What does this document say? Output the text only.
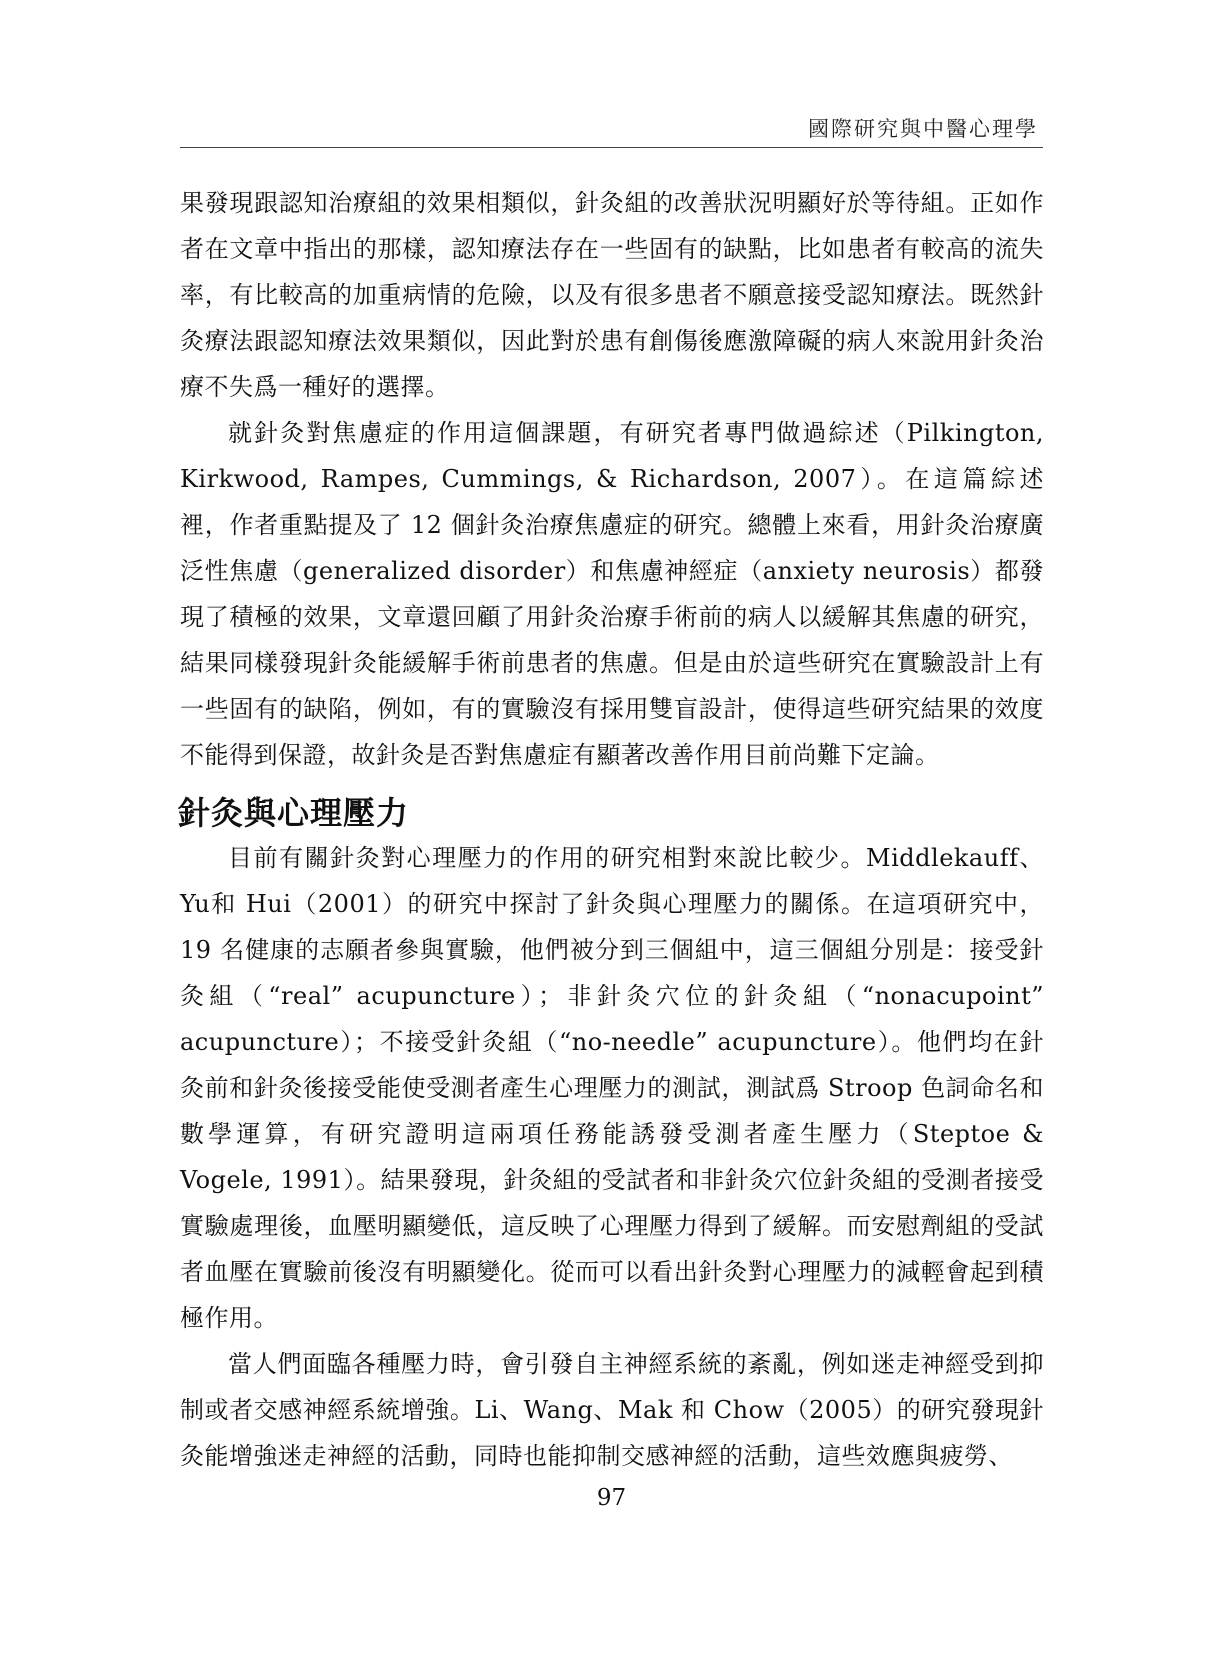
國際研究與中醫心理學

果發現跟認知治療組的效果相類似，針灸組的改善狀況明顯好於等待組。正如作者在文章中指出的那樣，認知療法存在一些固有的缺點，比如患者有較高的流失率，有比較高的加重病情的危險，以及有很多患者不願意接受認知療法。既然針灸療法跟認知療法效果類似，因此對於患有創傷後應激障礙的病人來說用針灸治療不失爲一種好的選擇。

就針灸對焦慮症的作用這個課題，有研究者專門做過綜述（Pilkington, Kirkwood, Rampes, Cummings, & Richardson, 2007）。在這篇綜述裡，作者重點提及了 12 個針灸治療焦慮症的研究。總體上來看，用針灸治療廣泛性焦慮（generalized disorder）和焦慮神經症（anxiety neurosis）都發現了積極的效果，文章還回顧了用針灸治療手術前的病人以緩解其焦慮的研究，結果同樣發現針灸能緩解手術前患者的焦慮。但是由於這些研究在實驗設計上有一些固有的缺陷，例如，有的實驗沒有採用雙盲設計，使得這些研究結果的效度不能得到保證，故針灸是否對焦慮症有顯著改善作用目前尚難下定論。

針灸與心理壓力

目前有關針灸對心理壓力的作用的研究相對來說比較少。Middlekauff、Yu和 Hui（2001）的研究中探討了針灸與心理壓力的關係。在這項研究中，19 名健康的志願者參與實驗，他們被分到三個組中，這三個組分別是：接受針灸組（“real” acupuncture）；非針灸穴位的針灸組（“nonacupoint” acupuncture）；不接受針灸組（“no-needle” acupuncture）。他們均在針灸前和針灸後接受能使受測者產生心理壓力的測試，測試爲 Stroop 色詞命名和數學運算，有研究證明這兩項任務能誘發受測者產生壓力（Steptoe & Vogele, 1991）。結果發現，針灸組的受試者和非針灸穴位針灸組的受測者接受實驗處理後，血壓明顯變低，這反映了心理壓力得到了緩解。而安慰劑組的受試者血壓在實驗前後沒有明顯變化。從而可以看出針灸對心理壓力的減輕會起到積極作用。

當人們面臨各種壓力時，會引發自主神經系統的紊亂，例如迷走神經受到抑制或者交感神經系統增強。Li、Wang、Mak 和 Chow（2005）的研究發現針灸能增強迷走神經的活動，同時也能抑制交感神經的活動，這些效應與疲勞、

97
